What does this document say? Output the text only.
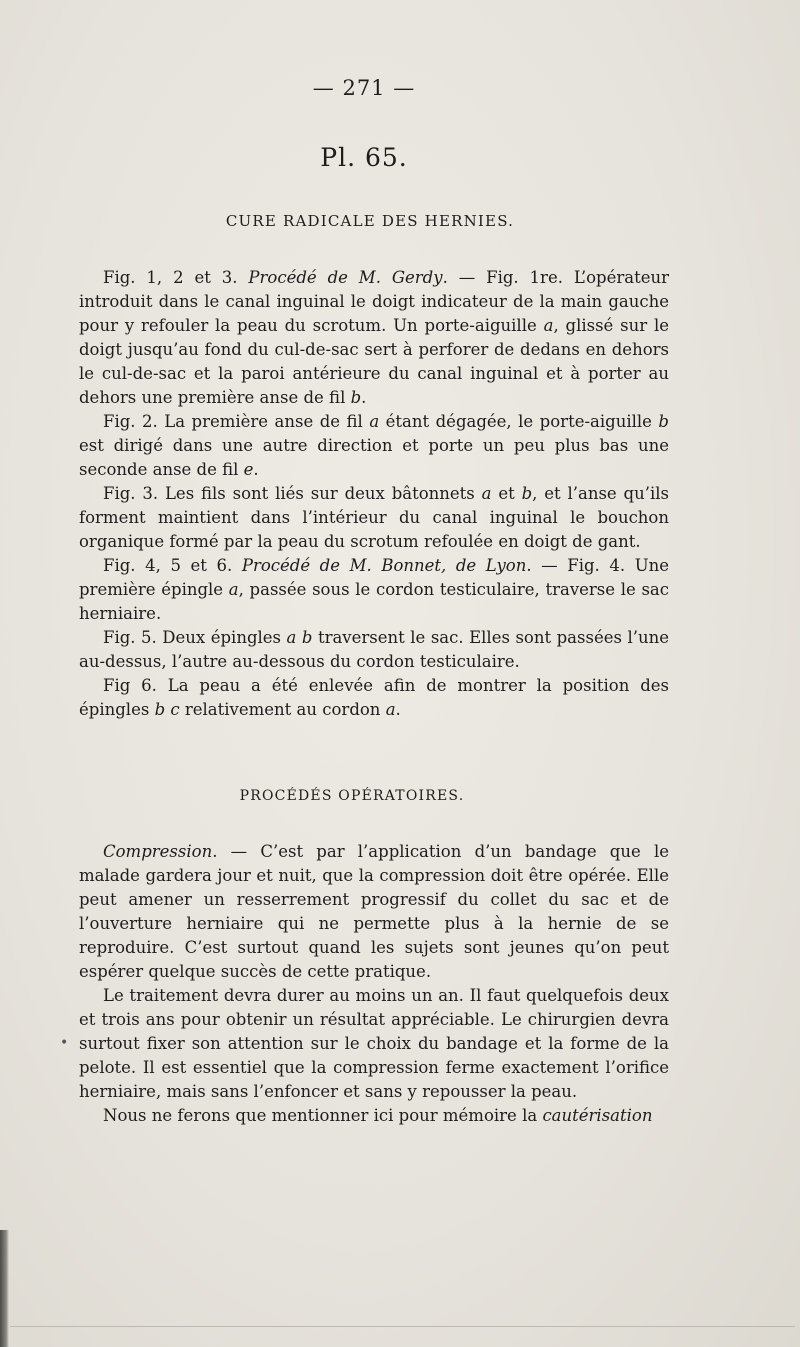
— 271 —
Pl. 65.
CURE RADICALE DES HERNIES.

Fig. 1, 2 et 3. Procédé de M. Gerdy. — Fig. 1re. L’opérateur introduit dans le canal inguinal le doigt indicateur de la main gauche pour y refouler la peau du scrotum. Un porte-aiguille a, glissé sur le doigt jusqu’au fond du cul-de-sac sert à perforer de dedans en dehors le cul-de-sac et la paroi antérieure du canal inguinal et à porter au dehors une première anse de fil b.

Fig. 2. La première anse de fil a étant dégagée, le porte-aiguille b est dirigé dans une autre direction et porte un peu plus bas une seconde anse de fil e.

Fig. 3. Les fils sont liés sur deux bâtonnets a et b, et l’anse qu’ils forment maintient dans l’intérieur du canal inguinal le bouchon organique formé par la peau du scrotum refoulée en doigt de gant.

Fig. 4, 5 et 6. Procédé de M. Bonnet, de Lyon. — Fig. 4. Une première épingle a, passée sous le cordon testiculaire, traverse le sac herniaire.

Fig. 5. Deux épingles a b traversent le sac. Elles sont passées l’une au-dessus, l’autre au-dessous du cordon testiculaire.

Fig 6. La peau a été enlevée afin de montrer la position des épingles b c relativement au cordon a.

PROCÉDÉS OPÉRATOIRES.

Compression. — C’est par l’application d’un bandage que le malade gardera jour et nuit, que la compression doit être opérée. Elle peut amener un resserrement progressif du collet du sac et de l’ouverture herniaire qui ne permette plus à la hernie de se reproduire. C’est surtout quand les sujets sont jeunes qu’on peut espérer quelque succès de cette pratique.

Le traitement devra durer au moins un an. Il faut quelquefois deux et trois ans pour obtenir un résultat appréciable. Le chirurgien devra surtout fixer son attention sur le choix du bandage et la forme de la pelote. Il est essentiel que la compression ferme exactement l’orifice herniaire, mais sans l’enfoncer et sans y repousser la peau.

Nous ne ferons que mentionner ici pour mémoire la cautérisation

•
